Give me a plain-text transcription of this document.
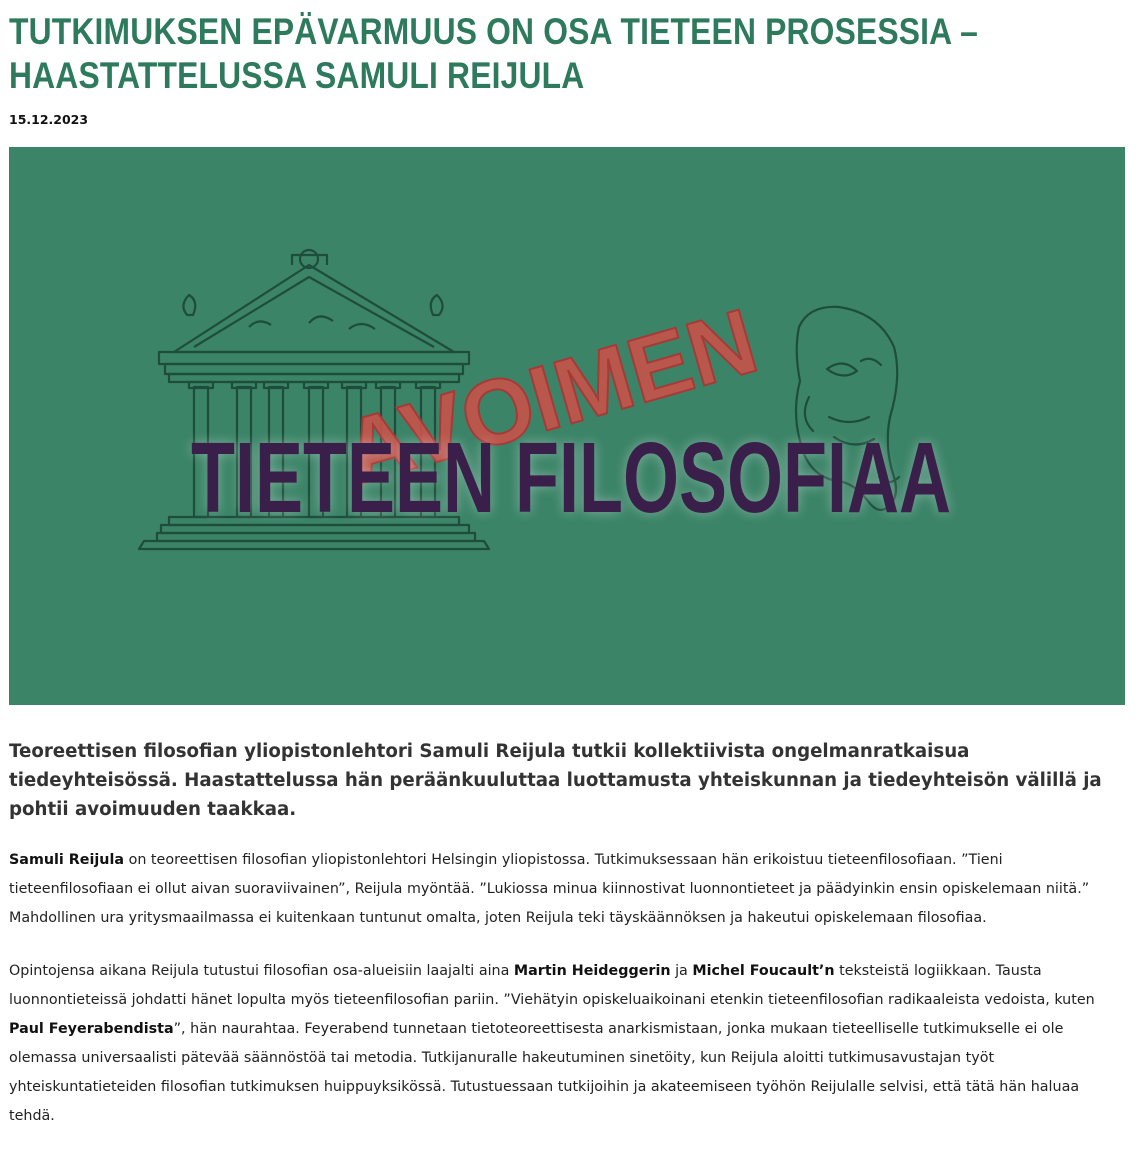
TUTKIMUKSEN EPÄVARMUUS ON OSA TIETEEN PROSESSIA – HAASTATTELUSSA SAMULI REIJULA
15.12.2023
AVOIMEN
TIETEEN FILOSOFIAA
Teoreettisen filosofian yliopistonlehtori Samuli Reijula tutkii kollektiivista ongelmanratkaisua tiedeyhteisössä. Haastattelussa hän peräänkuuluttaa luottamusta yhteiskunnan ja tiedeyhteisön välillä ja pohtii avoimuuden taakkaa.
Samuli Reijula on teoreettisen filosofian yliopistonlehtori Helsingin yliopistossa. Tutkimuksessaan hän erikoistuu tieteenfilosofiaan. ”Tieni tieteenfilosofiaan ei ollut aivan suoraviivainen”, Reijula myöntää. ”Lukiossa minua kiinnostivat luonnontieteet ja päädyinkin ensin opiskelemaan niitä.” Mahdollinen ura yritysmaailmassa ei kuitenkaan tuntunut omalta, joten Reijula teki täyskäännöksen ja hakeutui opiskelemaan filosofiaa.
Opintojensa aikana Reijula tutustui filosofian osa-alueisiin laajalti aina Martin Heideggerin ja Michel Foucault’n teksteistä logiikkaan. Tausta luonnontieteissä johdatti hänet lopulta myös tieteenfilosofian pariin. ”Viehätyin opiskeluaikoinani etenkin tieteenfilosofian radikaaleista vedoista, kuten Paul Feyerabendista”, hän naurahtaa. Feyerabend tunnetaan tietoteoreettisesta anarkismistaan, jonka mukaan tieteelliselle tutkimukselle ei ole olemassa universaalisti pätevää säännöstöä tai metodia. Tutkijanuralle hakeutuminen sinetöity, kun Reijula aloitti tutkimusavustajan työt yhteiskuntatieteiden filosofian tutkimuksen huippuyksikössä. Tutustuessaan tutkijoihin ja akateemiseen työhön Reijulalle selvisi, että tätä hän haluaa tehdä.
